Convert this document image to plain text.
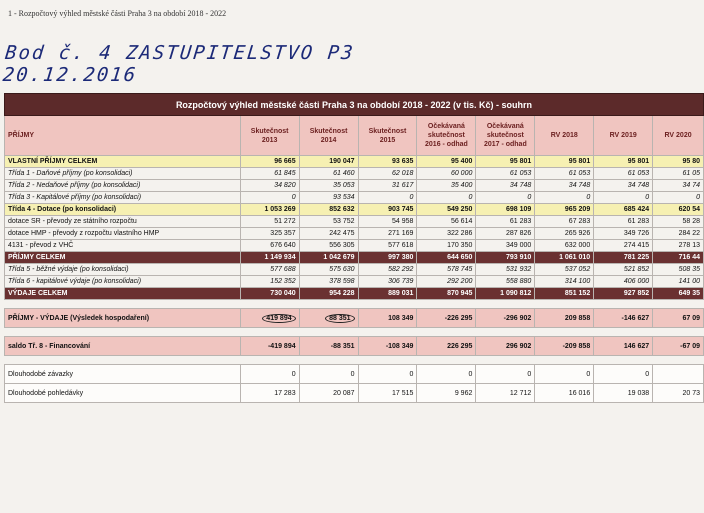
1 - Rozpočtový výhled městské části Praha 3 na období 2018 - 2022
Bod č. 4 ZASTUPITELSTVO P3 20.12.2016
Rozpočtový výhled městské části Praha 3 na období 2018 - 2022 (v tis. Kč) - souhrn								
PŘÍJMY	Skutečnost 2013	Skutečnost 2014	Skutečnost 2015	Očekávaná skutečnost 2016 - odhad	Očekávaná skutečnost 2017 - odhad	RV 2018	RV 2019	RV 2020
VLASTNÍ PŘÍJMY CELKEM	96 665	190 047	93 635	95 400	95 801	95 801	95 801	95 80
Třída 1 - Daňové příjmy (po konsolidaci)	61 845	61 460	62 018	60 000	61 053	61 053	61 053	61 05
Třída 2 - Nedaňové příjmy (po konsolidaci)	34 820	35 053	31 617	35 400	34 748	34 748	34 748	34 74
Třída 3 - Kapitálové příjmy (po konsolidaci)	0	93 534	0	0	0	0	0	0
Třída 4 - Dotace (po konsolidaci)	1 053 269	852 632	903 745	549 250	698 109	965 209	685 424	620 54
dotace SR - převody ze státního rozpočtu	51 272	53 752	54 958	56 614	61 283	67 283	61 283	58 28
dotace HMP - převody z rozpočtu vlastního HMP	325 357	242 475	271 169	322 286	287 826	265 926	349 726	284 22
4131 - převod z VHČ	676 640	556 305	577 618	170 350	349 000	632 000	274 415	278 13
PŘÍJMY CELKEM	1 149 934	1 042 679	997 380	644 650	793 910	1 061 010	781 225	716 44
Třída 5 - běžné výdaje (po konsolidaci)	577 688	575 630	582 292	578 745	531 932	537 052	521 852	508 35
Třída 6 - kapitálové výdaje (po konsolidaci)	152 352	378 598	306 739	292 200	558 880	314 100	406 000	141 00
VÝDAJE CELKEM	730 040	954 228	889 031	870 945	1 090 812	851 152	927 852	649 35

PŘÍJMY - VÝDAJE (Výsledek hospodaření)	419 894	88 351	108 349	-226 295	-296 902	209 858	-146 627	67 09

saldo Tř. 8 - Financování	-419 894	-88 351	-108 349	226 295	296 902	-209 858	146 627	-67 09

Dlouhodobé závazky	0	0	0	0	0	0	0	
Dlouhodobé pohledávky	17 283	20 087	17 515	9 962	12 712	16 016	19 038	20 73
